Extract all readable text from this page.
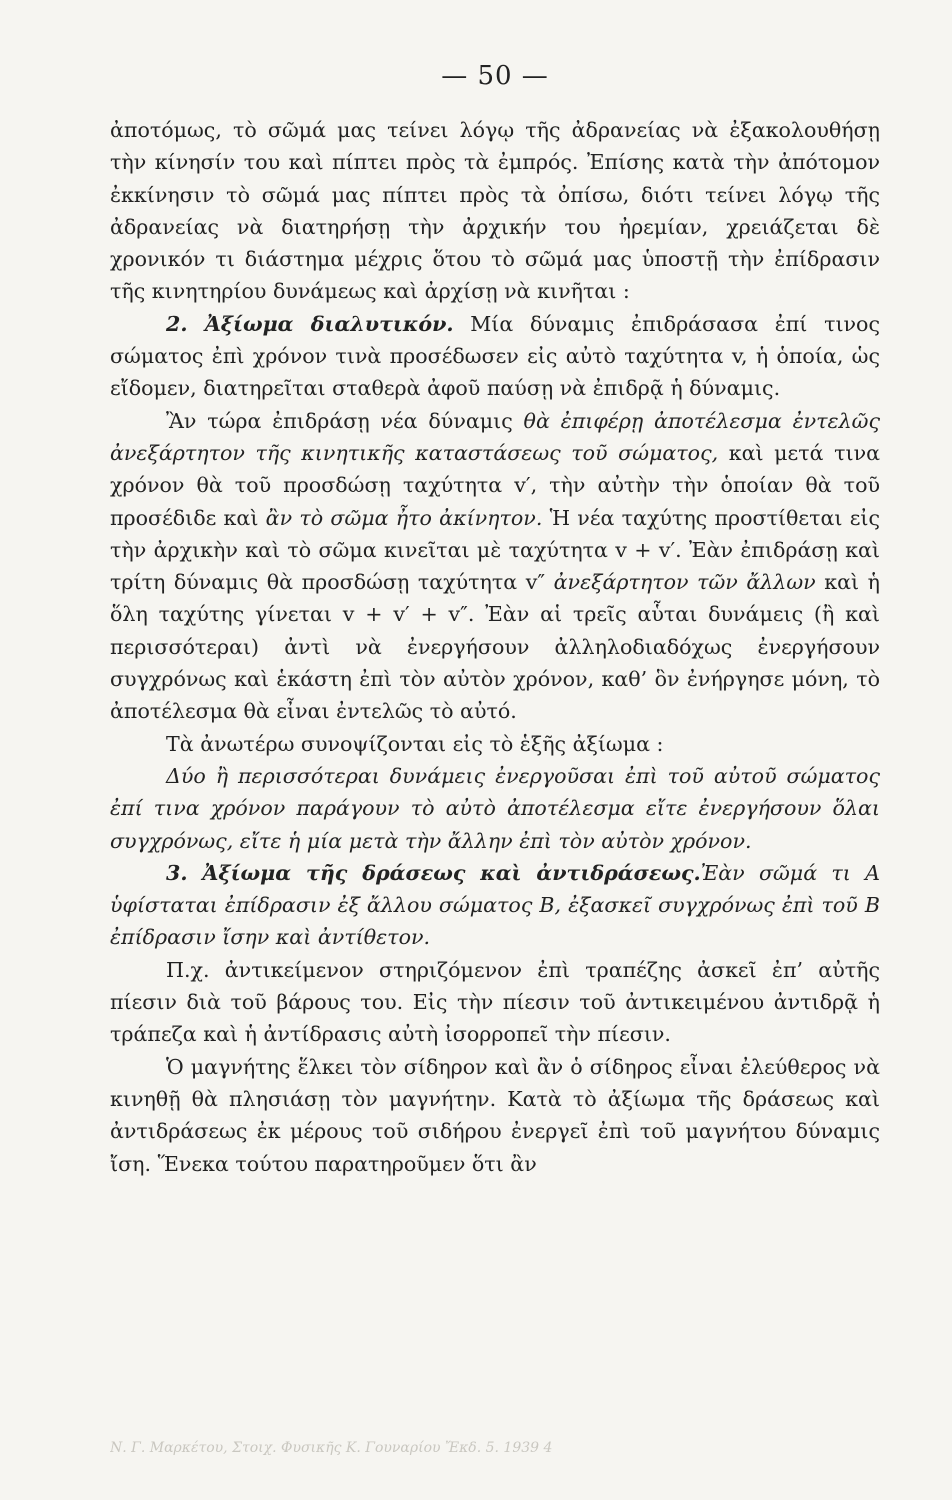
— 50 —

ἀποτόμως, τὸ σῶμά μας τείνει λόγῳ τῆς ἀδρανείας νὰ ἐξακολουθήσῃ τὴν κίνησίν του καὶ πίπτει πρὸς τὰ ἐμπρός. Ἐπίσης κατὰ τὴν ἀπότομον ἐκκίνησιν τὸ σῶμά μας πίπτει πρὸς τὰ ὀπίσω, διότι τείνει λόγῳ τῆς ἀδρανείας νὰ διατηρήσῃ τὴν ἀρχικήν του ἠρεμίαν, χρειάζεται δὲ χρονικόν τι διάστημα μέχρις ὅτου τὸ σῶμά μας ὑποστῇ τὴν ἐπίδρασιν τῆς κινητηρίου δυνάμεως καὶ ἀρχίσῃ νὰ κινῆται :

2. Ἀξίωμα διαλυτικόν. Μία δύναμις ἐπιδράσασα ἐπί τινος σώματος ἐπὶ χρόνον τινὰ προσέδωσεν εἰς αὐτὸ ταχύτητα v, ἡ ὁποία, ὡς εἴδομεν, διατηρεῖται σταθερὰ ἀφοῦ παύσῃ νὰ ἐπιδρᾷ ἡ δύναμις.

Ἂν τώρα ἐπιδράσῃ νέα δύναμις θὰ ἐπιφέρῃ ἀποτέλεσμα ἐντελῶς ἀνεξάρτητον τῆς κινητικῆς καταστάσεως τοῦ σώματος, καὶ μετά τινα χρόνον θὰ τοῦ προσδώσῃ ταχύτητα v′, τὴν αὐτὴν τὴν ὁποίαν θὰ τοῦ προσέδιδε καὶ ἂν τὸ σῶμα ἦτο ἀκίνητον. Ἡ νέα ταχύτης προστίθεται εἰς τὴν ἀρχικὴν καὶ τὸ σῶμα κινεῖται μὲ ταχύτητα v + v′. Ἐὰν ἐπιδράσῃ καὶ τρίτη δύναμις θὰ προσδώσῃ ταχύτητα v″ ἀνεξάρτητον τῶν ἄλλων καὶ ἡ ὅλη ταχύτης γίνεται v + v′ + v″. Ἐὰν αἱ τρεῖς αὗται δυνάμεις (ἢ καὶ περισσότεραι) ἀντὶ νὰ ἐνεργήσουν ἀλληλοδιαδόχως ἐνεργήσουν συγχρόνως καὶ ἑκάστη ἐπὶ τὸν αὐτὸν χρόνον, καθ’ ὃν ἐνήργησε μόνη, τὸ ἀποτέλεσμα θὰ εἶναι ἐντελῶς τὸ αὐτό.

Τὰ ἀνωτέρω συνοψίζονται εἰς τὸ ἑξῆς ἀξίωμα :

Δύο ἢ περισσότεραι δυνάμεις ἐνεργοῦσαι ἐπὶ τοῦ αὐτοῦ σώματος ἐπί τινα χρόνον παράγουν τὸ αὐτὸ ἀποτέλεσμα εἴτε ἐνεργήσουν ὅλαι συγχρόνως, εἴτε ἡ μία μετὰ τὴν ἄλλην ἐπὶ τὸν αὐτὸν χρόνον.

3. Ἀξίωμα τῆς δράσεως καὶ ἀντιδράσεως.Ἐὰν σῶμά τι Α ὑφίσταται ἐπίδρασιν ἐξ ἄλλου σώματος Β, ἐξασκεῖ συγχρόνως ἐπὶ τοῦ Β ἐπίδρασιν ἴσην καὶ ἀντίθετον.

Π.χ. ἀντικείμενον στηριζόμενον ἐπὶ τραπέζης ἀσκεῖ ἐπ’ αὐτῆς πίεσιν διὰ τοῦ βάρους του. Εἰς τὴν πίεσιν τοῦ ἀντικειμένου ἀντιδρᾷ ἡ τράπεζα καὶ ἡ ἀντίδρασις αὐτὴ ἰσορροπεῖ τὴν πίεσιν.

Ὁ μαγνήτης ἕλκει τὸν σίδηρον καὶ ἂν ὁ σίδηρος εἶναι ἐλεύθερος νὰ κινηθῇ θὰ πλησιάσῃ τὸν μαγνήτην. Κατὰ τὸ ἀξίωμα τῆς δράσεως καὶ ἀντιδράσεως ἐκ μέρους τοῦ σιδήρου ἐνεργεῖ ἐπὶ τοῦ μαγνήτου δύναμις ἴση. Ἕνεκα τούτου παρατηροῦμεν ὅτι ἂν

Ν. Γ. Μαρκέτου, Στοιχ. Φυσικῆς Κ. Γουναρίου Ἔκδ. 5. 1939 4
